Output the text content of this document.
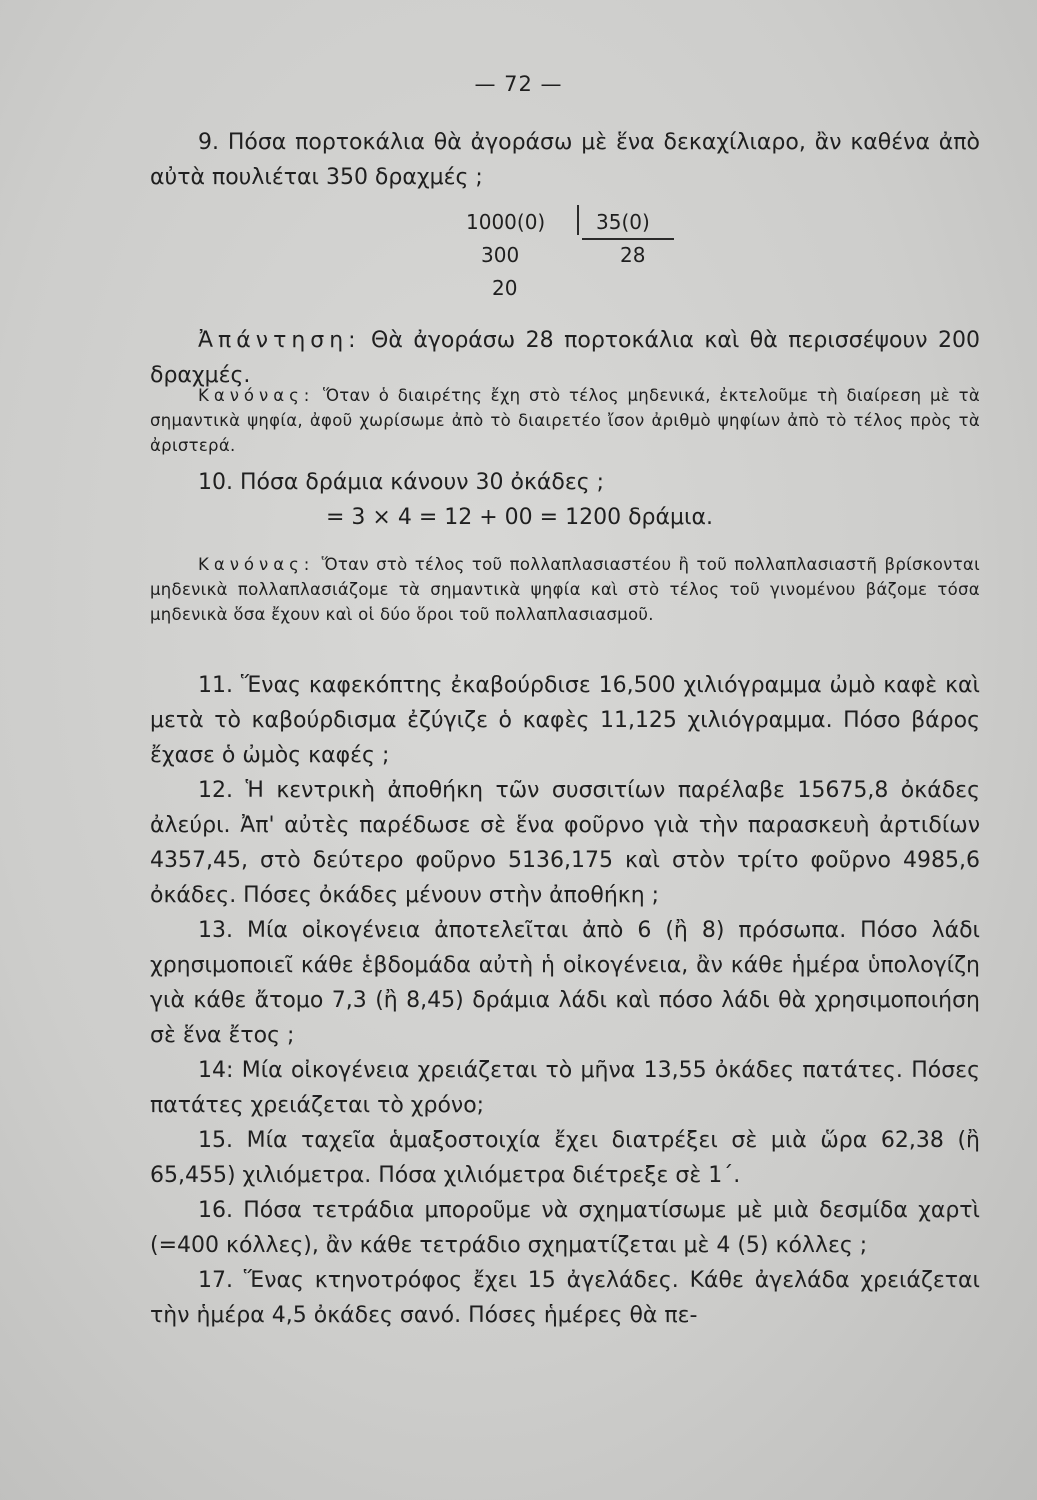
— 72 —

9. Πόσα πορτοκάλια θὰ ἀγοράσω μὲ ἕνα δεκαχίλιαρο, ἂν καθένα ἀπὸ αὐτὰ πουλιέται 350 δραχμές ;

1000(0)	35(0)
300	28
20

Ἀπάντηση: Θὰ ἀγοράσω 28 πορτοκάλια καὶ θὰ περισσέψουν 200 δραχμές.

Κανόνας: Ὅταν ὁ διαιρέτης ἔχη στὸ τέλος μηδενικά, ἐκτελοῦμε τὴ διαίρεση μὲ τὰ σημαντικὰ ψηφία, ἀφοῦ χωρίσωμε ἀπὸ τὸ διαιρετέο ἴσον ἀριθμὸ ψηφίων ἀπὸ τὸ τέλος πρὸς τὰ ἀριστερά.

10. Πόσα δράμια κάνουν 30 ὀκάδες ;

= 3 × 4 = 12 + 00 = 1200 δράμια.

Κανόνας: Ὅταν στὸ τέλος τοῦ πολλαπλασιαστέου ἢ τοῦ πολλαπλασιαστῆ βρίσκονται μηδενικὰ πολλαπλασιάζομε τὰ σημαντικὰ ψηφία καὶ στὸ τέλος τοῦ γινομένου βάζομε τόσα μηδενικὰ ὅσα ἔχουν καὶ οἱ δύο ὅροι τοῦ πολλαπλασιασμοῦ.

11. Ἕνας καφεκόπτης ἐκαβούρδισε 16,500 χιλιόγραμμα ὠμὸ καφὲ καὶ μετὰ τὸ καβούρδισμα ἐζύγιζε ὁ καφὲς 11,125 χιλιόγραμμα. Πόσο βάρος ἔχασε ὁ ὠμὸς καφές ;

12. Ἡ κεντρικὴ ἀποθήκη τῶν συσσιτίων παρέλαβε 15675,8 ὀκάδες ἀλεύρι. Ἀπ' αὐτὲς παρέδωσε σὲ ἕνα φοῦρνο γιὰ τὴν παρασκευὴ ἀρτιδίων 4357,45, στὸ δεύτερο φοῦρνο 5136,175 καὶ στὸν τρίτο φοῦρνο 4985,6 ὀκάδες. Πόσες ὀκάδες μένουν στὴν ἀποθήκη ;

13. Μία οἰκογένεια ἀποτελεῖται ἀπὸ 6 (ἢ 8) πρόσωπα. Πόσο λάδι χρησιμοποιεῖ κάθε ἑβδομάδα αὐτὴ ἡ οἰκογένεια, ἂν κάθε ἡμέρα ὑπολογίζη γιὰ κάθε ἄτομο 7,3 (ἢ 8,45) δράμια λάδι καὶ πόσο λάδι θὰ χρησιμοποιήση σὲ ἕνα ἔτος ;

14: Μία οἰκογένεια χρειάζεται τὸ μῆνα 13,55 ὀκάδες πατάτες. Πόσες πατάτες χρειάζεται τὸ χρόνο;

15. Μία ταχεῖα ἁμαξοστοιχία ἔχει διατρέξει σὲ μιὰ ὥρα 62,38 (ἢ 65,455) χιλιόμετρα. Πόσα χιλιόμετρα διέτρεξε σὲ 1΄.

16. Πόσα τετράδια μποροῦμε νὰ σχηματίσωμε μὲ μιὰ δεσμίδα χαρτὶ (=400 κόλλες), ἂν κάθε τετράδιο σχηματίζεται μὲ 4 (5) κόλλες ;

17. Ἕνας κτηνοτρόφος ἔχει 15 ἀγελάδες. Κάθε ἀγελάδα χρειάζεται τὴν ἡμέρα 4,5 ὀκάδες σανό. Πόσες ἡμέρες θὰ πε-
